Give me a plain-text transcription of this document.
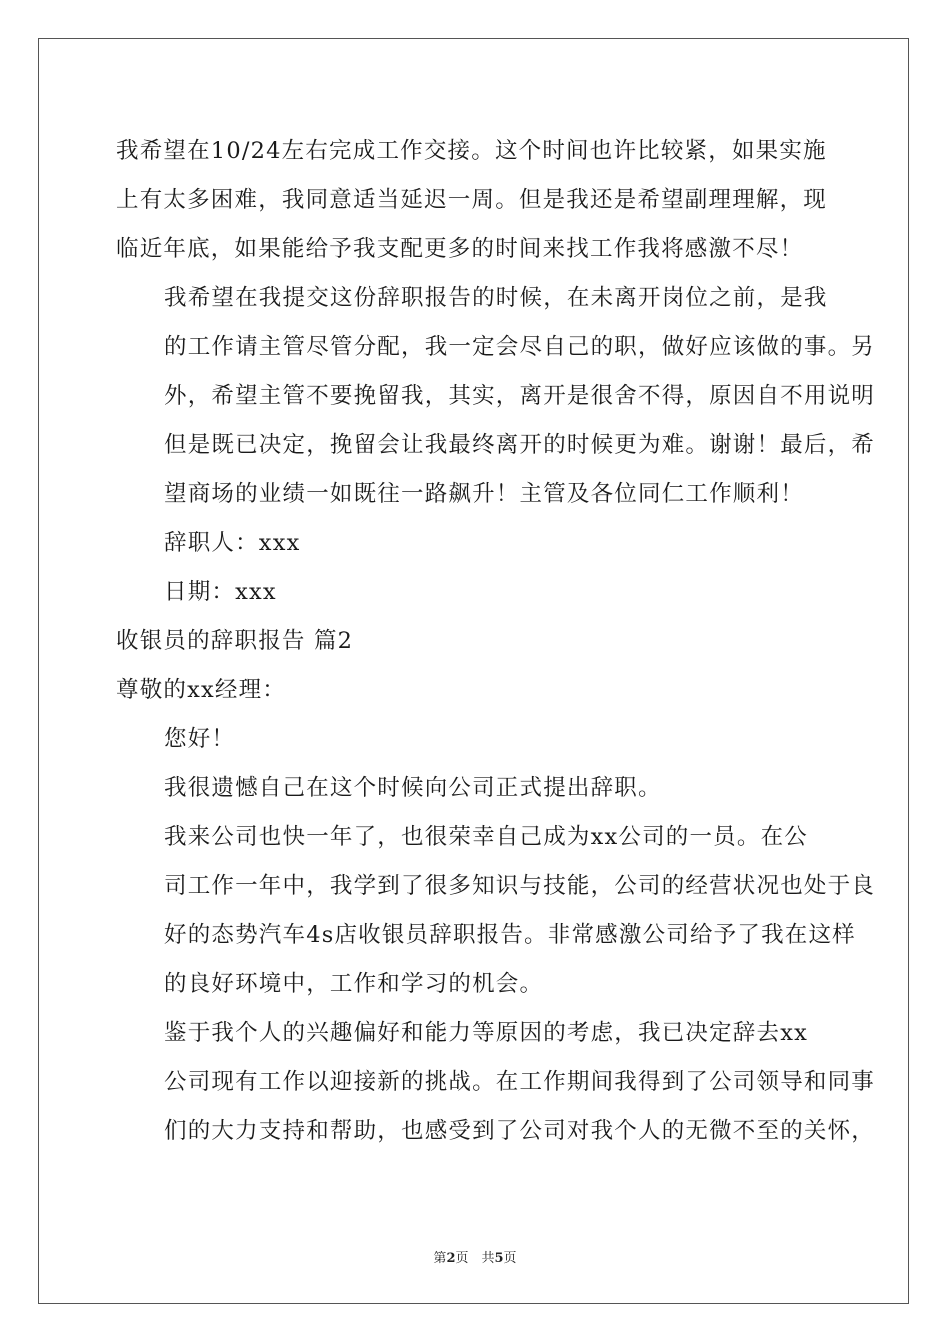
我希望在10/24左右完成工作交接。这个时间也许比较紧，如果实施
上有太多困难，我同意适当延迟一周。但是我还是希望副理理解，现
临近年底，如果能给予我支配更多的时间来找工作我将感激不尽！

我希望在我提交这份辞职报告的时候，在未离开岗位之前，是我
的工作请主管尽管分配，我一定会尽自己的职，做好应该做的事。另
外，希望主管不要挽留我，其实，离开是很舍不得，原因自不用说明
但是既已决定，挽留会让我最终离开的时候更为难。谢谢！最后，希
望商场的业绩一如既往一路飙升！主管及各位同仁工作顺利！

辞职人：xxx

日期：xxx

收银员的辞职报告 篇2

尊敬的xx经理：

您好！

我很遗憾自己在这个时候向公司正式提出辞职。

我来公司也快一年了，也很荣幸自己成为xx公司的一员。在公
司工作一年中，我学到了很多知识与技能，公司的经营状况也处于良
好的态势汽车4s店收银员辞职报告。非常感激公司给予了我在这样
的良好环境中，工作和学习的机会。

鉴于我个人的兴趣偏好和能力等原因的考虑，我已决定辞去xx
公司现有工作以迎接新的挑战。在工作期间我得到了公司领导和同事
们的大力支持和帮助，也感受到了公司对我个人的无微不至的关怀，

第2页　共5页
